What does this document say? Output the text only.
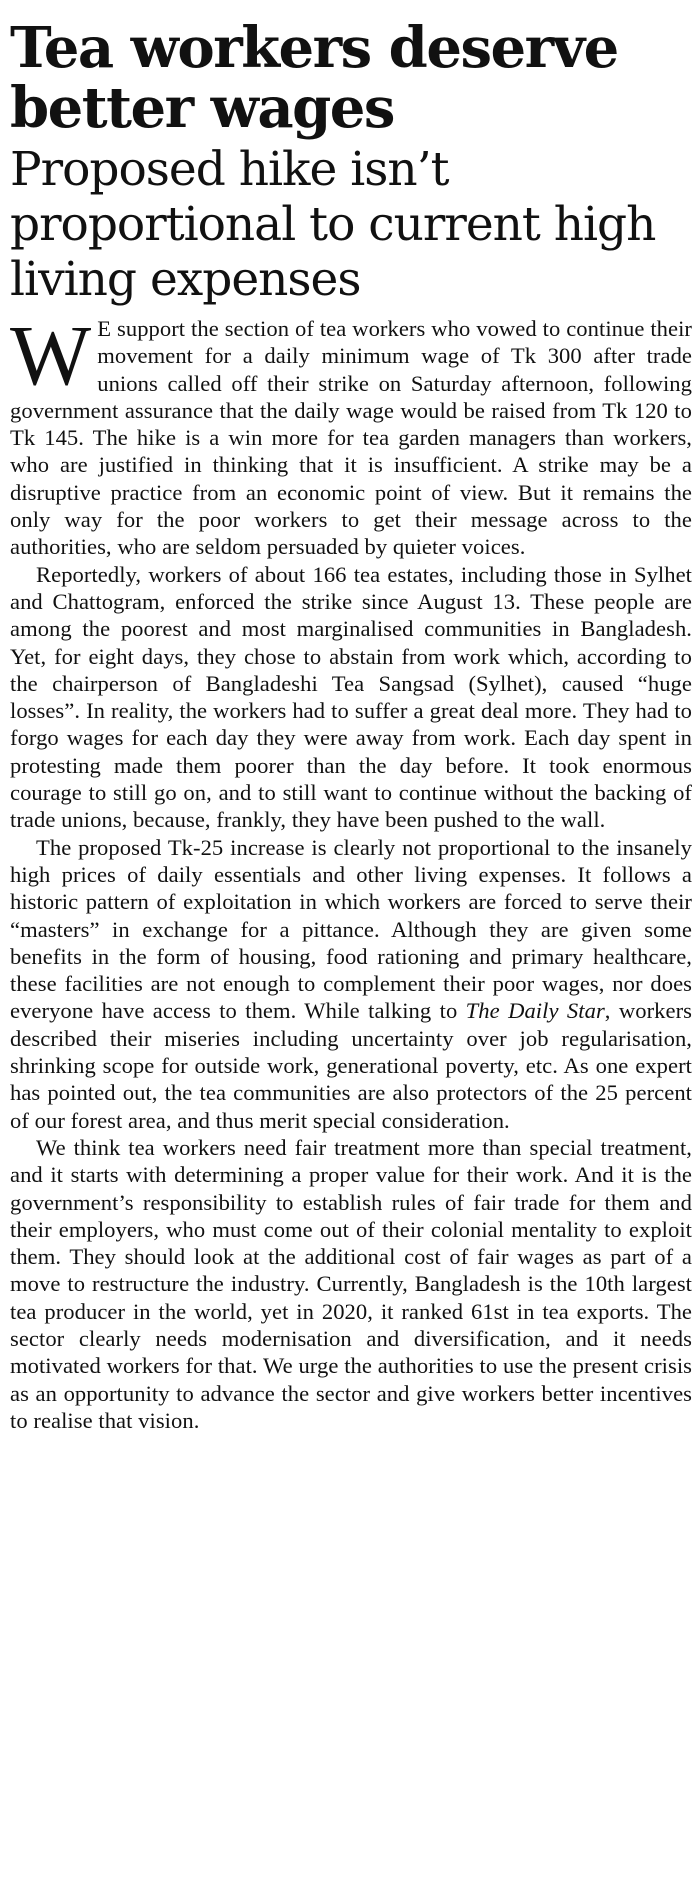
Tea workers deserve better wages
Proposed hike isn’t proportional to current high living expenses

W E support the section of tea workers who vowed to continue their movement for a daily minimum wage of Tk 300 after trade unions called off their strike on Saturday afternoon, following government assurance that the daily wage would be raised from Tk 120 to Tk 145. The hike is a win more for tea garden managers than workers, who are justified in thinking that it is insufficient. A strike may be a disruptive practice from an economic point of view. But it remains the only way for the poor workers to get their message across to the authorities, who are seldom persuaded by quieter voices.

Reportedly, workers of about 166 tea estates, including those in Sylhet and Chattogram, enforced the strike since August 13. These people are among the poorest and most marginalised communities in Bangladesh. Yet, for eight days, they chose to abstain from work which, according to the chairperson of Bangladeshi Tea Sangsad (Sylhet), caused “huge losses”. In reality, the workers had to suffer a great deal more. They had to forgo wages for each day they were away from work. Each day spent in protesting made them poorer than the day before. It took enormous courage to still go on, and to still want to continue without the backing of trade unions, because, frankly, they have been pushed to the wall.

The proposed Tk-25 increase is clearly not proportional to the insanely high prices of daily essentials and other living expenses. It follows a historic pattern of exploitation in which workers are forced to serve their “masters” in exchange for a pittance. Although they are given some benefits in the form of housing, food rationing and primary healthcare, these facilities are not enough to complement their poor wages, nor does everyone have access to them. While talking to The Daily Star, workers described their miseries including uncertainty over job regularisation, shrinking scope for outside work, generational poverty, etc. As one expert has pointed out, the tea communities are also protectors of the 25 percent of our forest area, and thus merit special consideration.

We think tea workers need fair treatment more than special treatment, and it starts with determining a proper value for their work. And it is the government’s responsibility to establish rules of fair trade for them and their employers, who must come out of their colonial mentality to exploit them. They should look at the additional cost of fair wages as part of a move to restructure the industry. Currently, Bangladesh is the 10th largest tea producer in the world, yet in 2020, it ranked 61st in tea exports. The sector clearly needs modernisation and diversification, and it needs motivated workers for that. We urge the authorities to use the present crisis as an opportunity to advance the sector and give workers better incentives to realise that vision.
